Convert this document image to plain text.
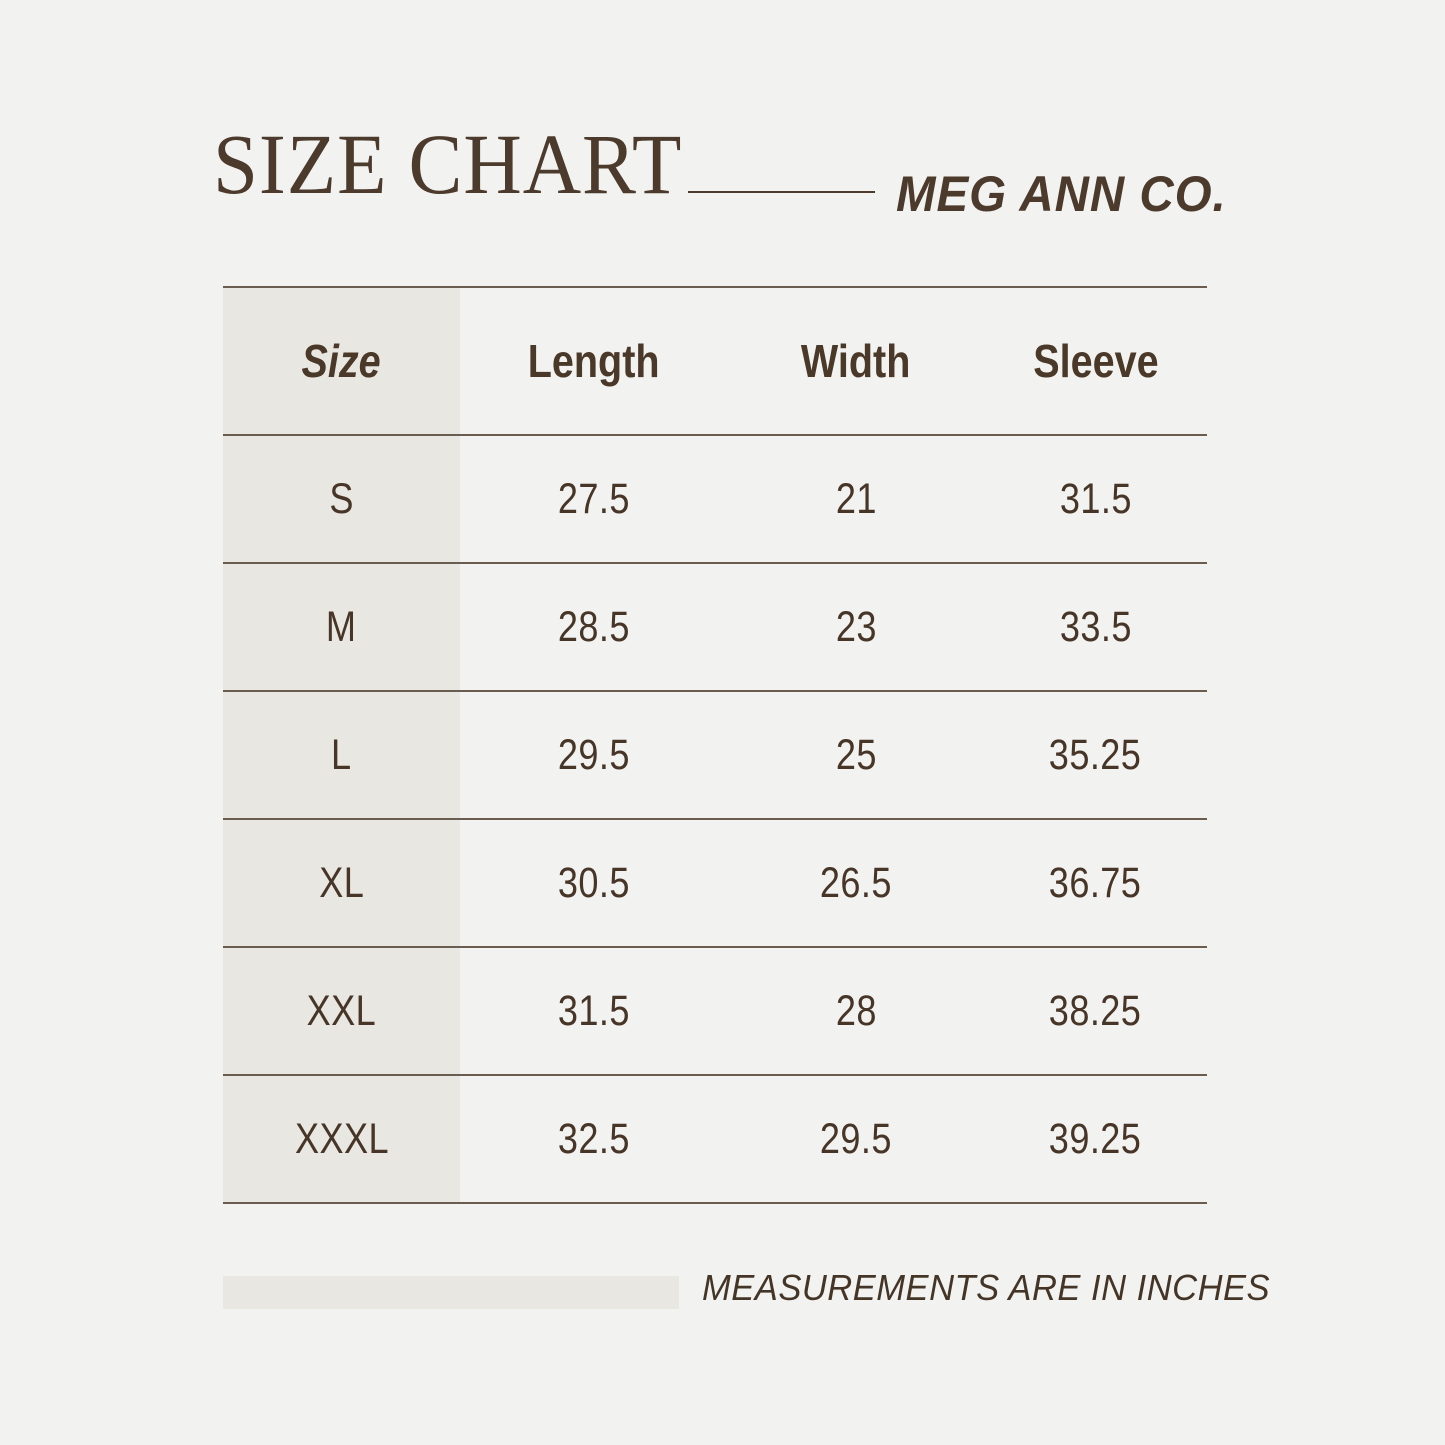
SIZE CHART	MEG ANN CO.
Size	Length	Width	Sleeve
S	27.5	21	31.5
M	28.5	23	33.5
L	29.5	25	35.25
XL	30.5	26.5	36.75
XXL	31.5	28	38.25
XXXL	32.5	29.5	39.25
MEASUREMENTS ARE IN INCHES
